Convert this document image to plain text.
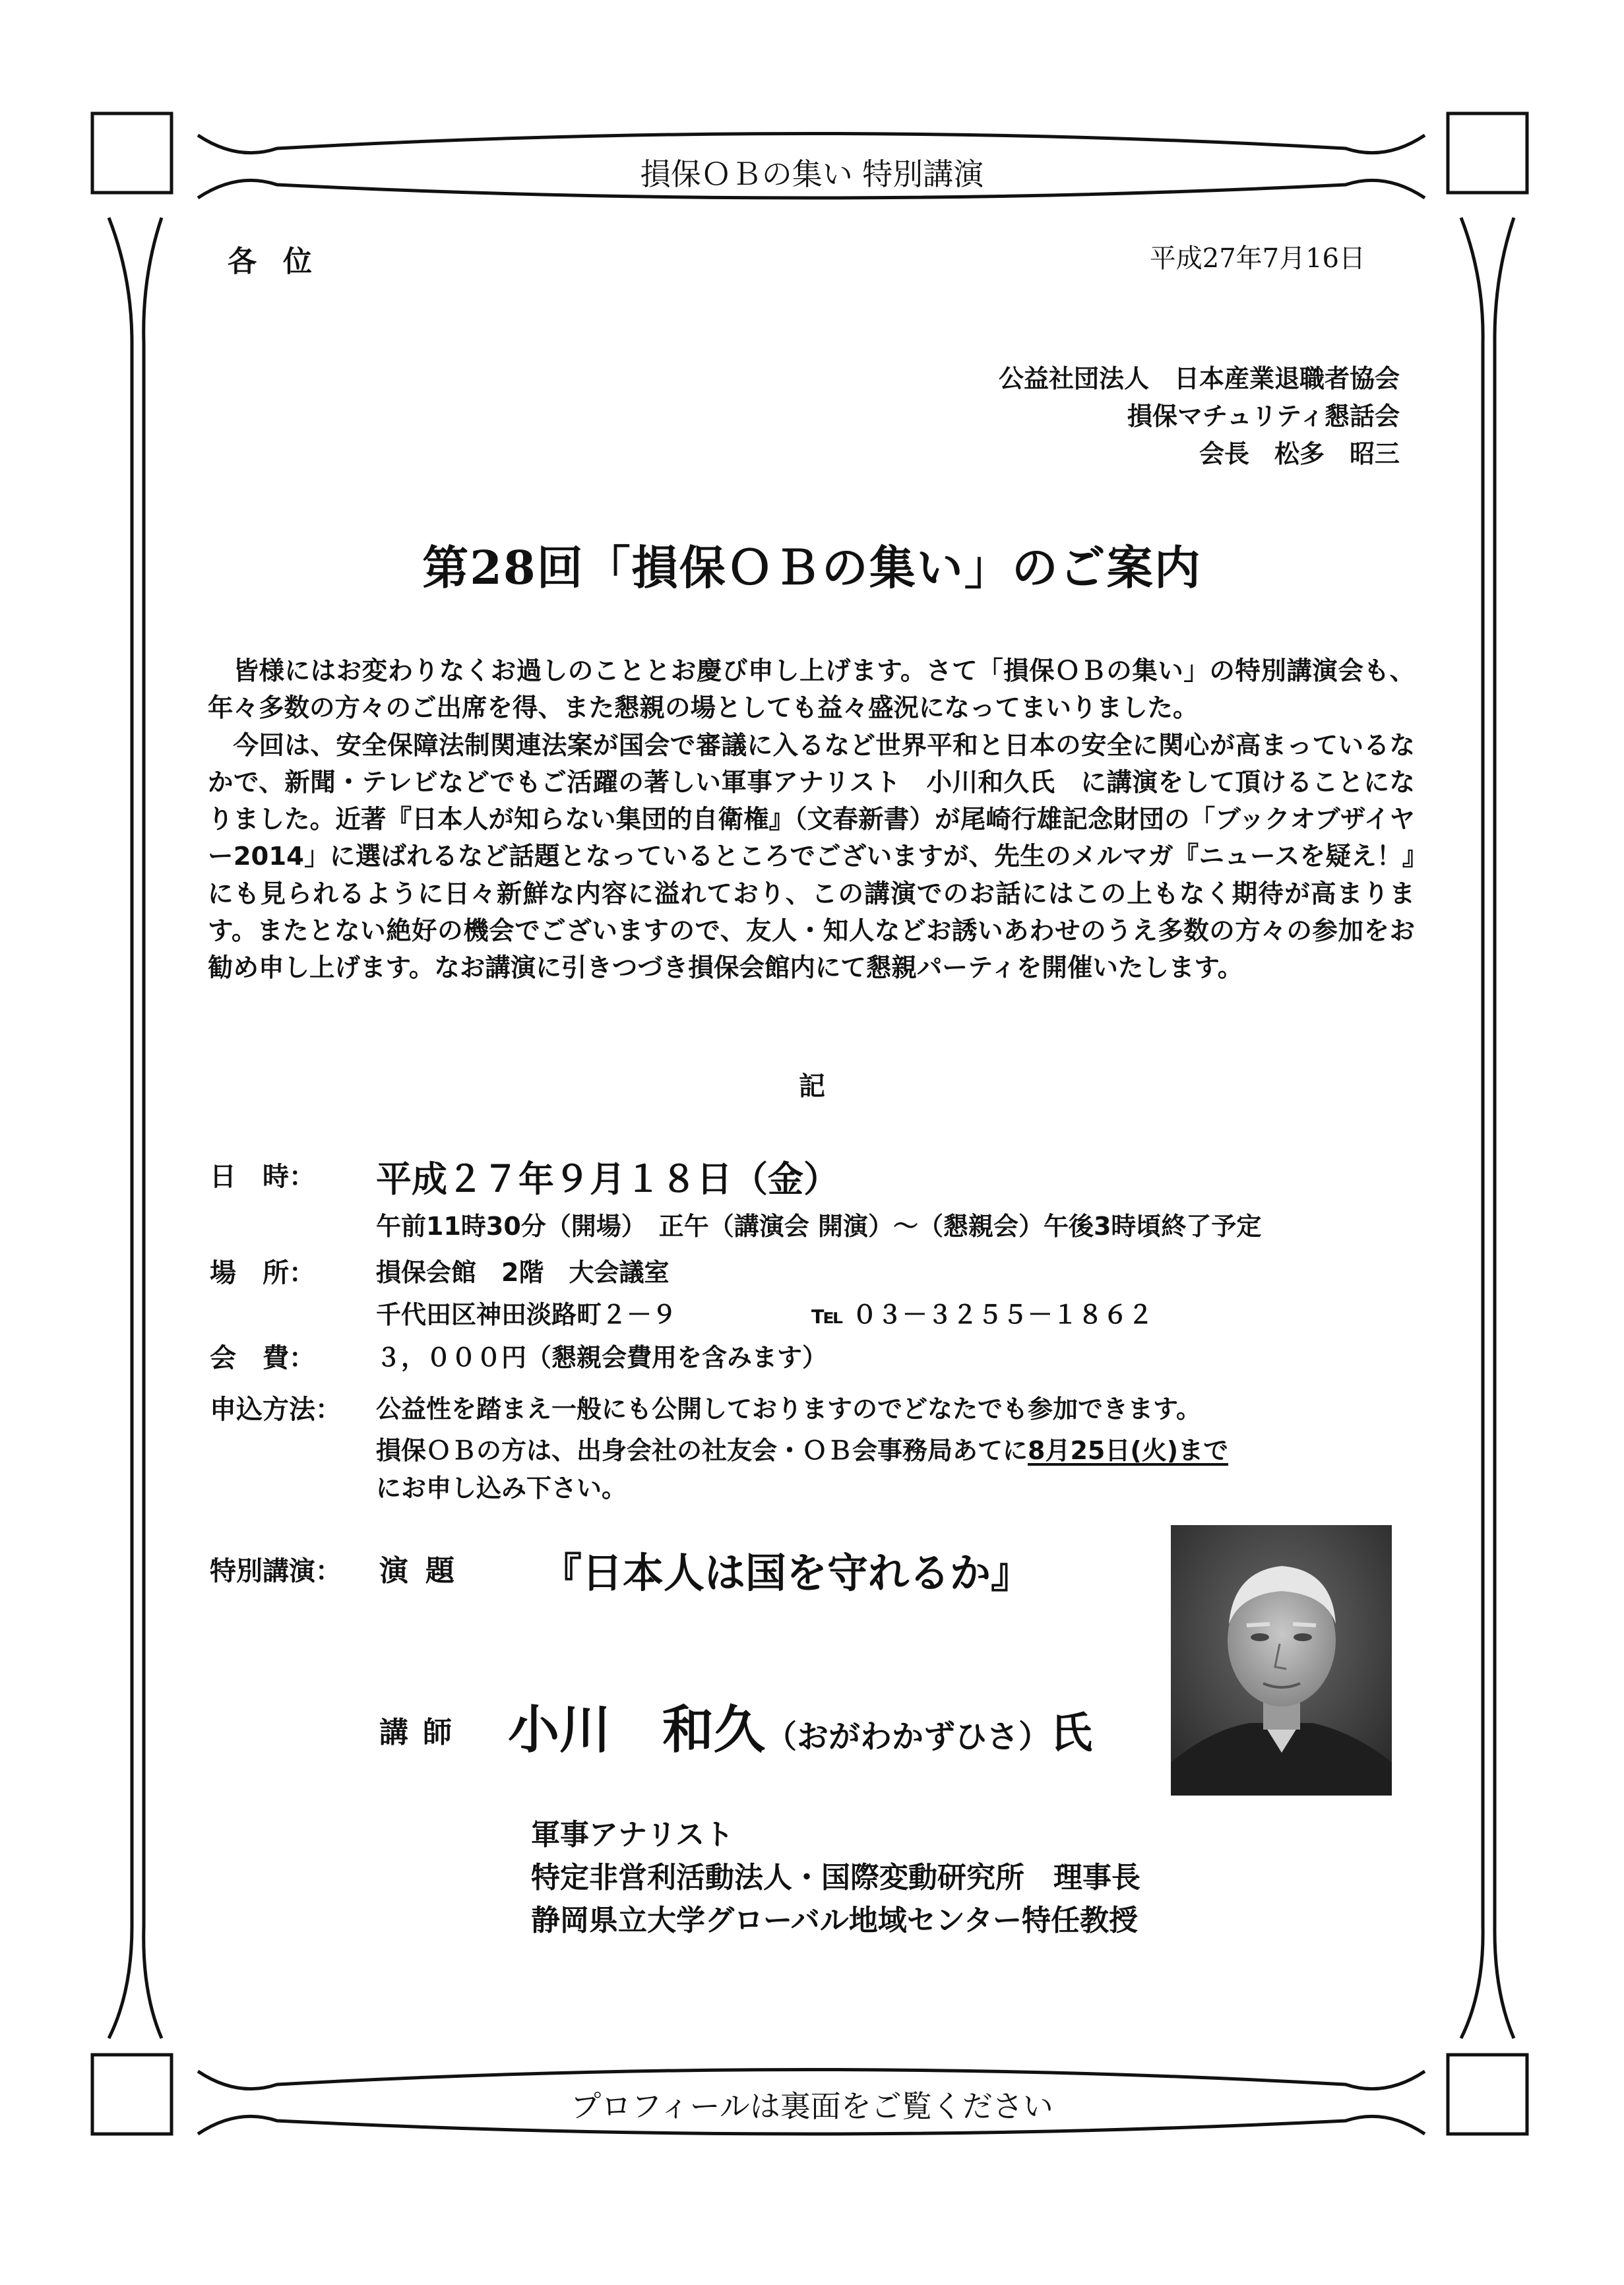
損保ＯＢの集い 特別講演
各位	平成27年7月16日
公益社団法人　日本産業退職者協会
損保マチュリティ懇話会
会長　松多　昭三
第28回「損保ＯＢの集い」のご案内

皆様にはお変わりなくお過しのこととお慶び申し上げます。さて「損保ＯＢの集い」の特別講演会も、年々多数の方々のご出席を得、また懇親の場としても益々盛況になってまいりました。

今回は、安全保障法制関連法案が国会で審議に入るなど世界平和と日本の安全に関心が高まっているなかで、新聞・テレビなどでもご活躍の著しい軍事アナリスト　小川和久氏　に講演をして頂けることになりました。近著『日本人が知らない集団的自衛権』（文春新書）が尾崎行雄記念財団の「ブックオブザイヤー2014」に選ばれるなど話題となっているところでございますが、先生のメルマガ『ニュースを疑え！』にも見られるように日々新鮮な内容に溢れており、この講演でのお話にはこの上もなく期待が高まります。またとない絶好の機会でございますので、友人・知人などお誘いあわせのうえ多数の方々の参加をお勧め申し上げます。なお講演に引きつづき損保会館内にて懇親パーティを開催いたします。

記
日　時： 平成２７年９月１８日（金）
午前11時30分（開場）　正午（講演会 開演）～（懇親会）午後3時頃終了予定
場　所： 損保会館　2階　大会議室
千代田区神田淡路町２－９	℡ ０３－３２５５－１８６２
会　費： ３，０００円（懇親会費用を含みます）
申込方法： 公益性を踏まえ一般にも公開しておりますのでどなたでも参加できます。
損保ＯＢの方は、出身会社の社友会・ＯＢ会事務局あてに8月25日(火)まで
にお申し込み下さい。
特別講演： 演題 『日本人は国を守れるか』
講師 小川　和久（おがわかずひさ）氏
軍事アナリスト
特定非営利活動法人・国際変動研究所　理事長
静岡県立大学グローバル地域センター特任教授
プロフィールは裏面をご覧ください
